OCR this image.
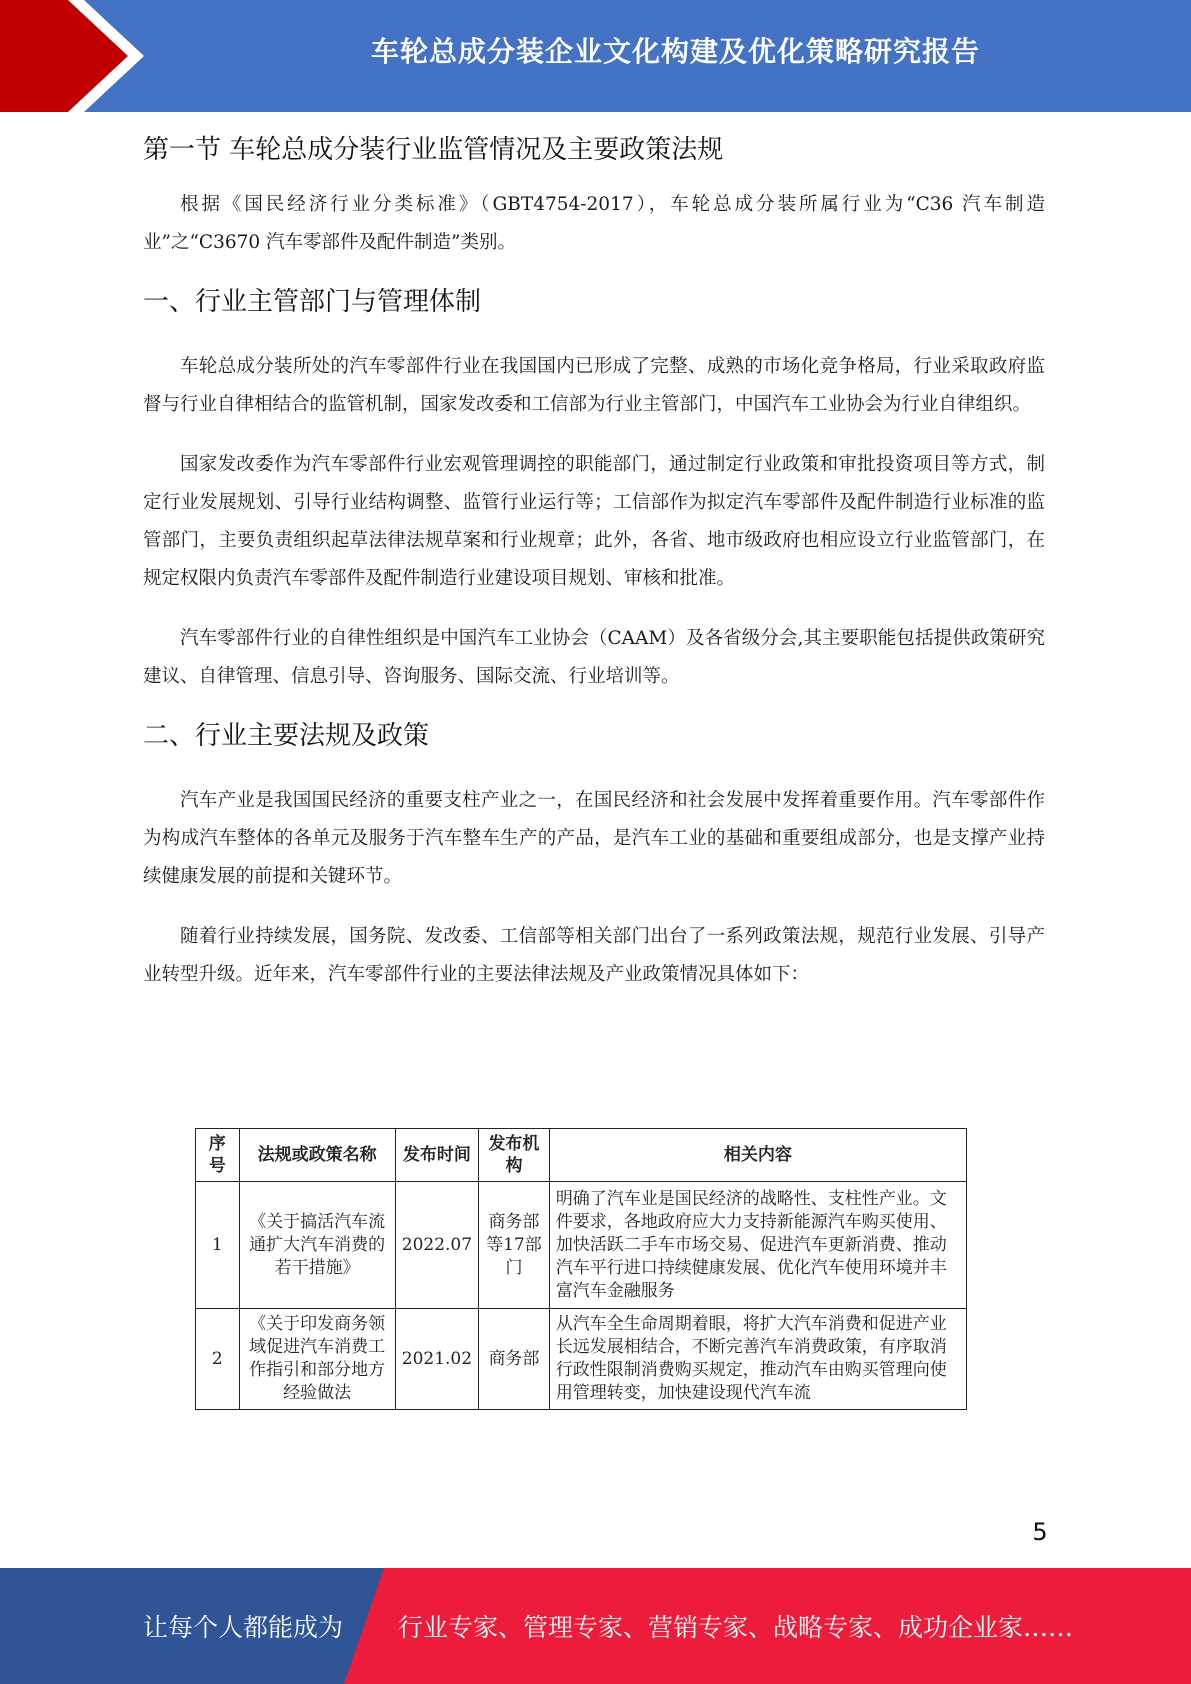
车轮总成分装企业文化构建及优化策略研究报告
第一节 车轮总成分装行业监管情况及主要政策法规

根据《国民经济行业分类标准》（GBT4754-2017），车轮总成分装所属行业为“C36 汽车制造业”之“C3670 汽车零部件及配件制造”类别。

一、行业主管部门与管理体制

车轮总成分装所处的汽车零部件行业在我国国内已形成了完整、成熟的市场化竞争格局，行业采取政府监督与行业自律相结合的监管机制，国家发改委和工信部为行业主管部门，中国汽车工业协会为行业自律组织。

国家发改委作为汽车零部件行业宏观管理调控的职能部门，通过制定行业政策和审批投资项目等方式，制定行业发展规划、引导行业结构调整、监管行业运行等；工信部作为拟定汽车零部件及配件制造行业标准的监管部门，主要负责组织起草法律法规草案和行业规章；此外，各省、地市级政府也相应设立行业监管部门，在规定权限内负责汽车零部件及配件制造行业建设项目规划、审核和批准。

汽车零部件行业的自律性组织是中国汽车工业协会（CAAM）及各省级分会,其主要职能包括提供政策研究建议、自律管理、信息引导、咨询服务、国际交流、行业培训等。

二、行业主要法规及政策

汽车产业是我国国民经济的重要支柱产业之一，在国民经济和社会发展中发挥着重要作用。汽车零部件作为构成汽车整体的各单元及服务于汽车整车生产的产品，是汽车工业的基础和重要组成部分，也是支撑产业持续健康发展的前提和关键环节。

随着行业持续发展，国务院、发改委、工信部等相关部门出台了一系列政策法规，规范行业发展、引导产业转型升级。近年来，汽车零部件行业的主要法律法规及产业政策情况具体如下：

序号	法规或政策名称	发布时间	发布机构	相关内容
1	《关于搞活汽车流通扩大汽车消费的若干措施》	2022.07	商务部等17部门	明确了汽车业是国民经济的战略性、支柱性产业。文件要求，各地政府应大力支持新能源汽车购买使用、加快活跃二手车市场交易、促进汽车更新消费、推动汽车平行进口持续健康发展、优化汽车使用环境并丰富汽车金融服务
2	《关于印发商务领域促进汽车消费工作指引和部分地方经验做法	2021.02	商务部	从汽车全生命周期着眼，将扩大汽车消费和促进产业长远发展相结合，不断完善汽车消费政策，有序取消行政性限制消费购买规定，推动汽车由购买管理向使用管理转变，加快建设现代汽车流
5
让每个人都能成为 行业专家、管理专家、营销专家、战略专家、成功企业家……
